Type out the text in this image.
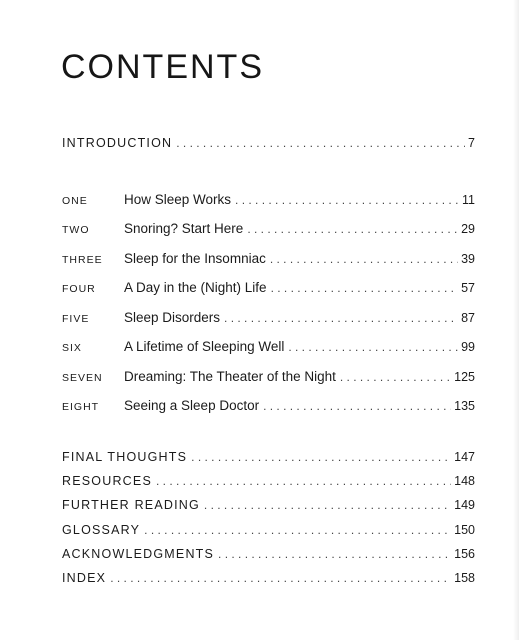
CONTENTS
INTRODUCTION . . .	7
ONE	How Sleep Works . . .	11
TWO	Snoring? Start Here . . .	29
THREE	Sleep for the Insomniac . . .	39
FOUR	A Day in the (Night) Life . . .	57
FIVE	Sleep Disorders . . .	87
SIX	A Lifetime of Sleeping Well . . .	99
SEVEN	Dreaming: The Theater of the Night . . .	125
EIGHT	Seeing a Sleep Doctor . . .	135
FINAL THOUGHTS . . .	147
RESOURCES . . .	148
FURTHER READING . . .	149
GLOSSARY . . .	150
ACKNOWLEDGMENTS . . .	156
INDEX . . .	158
